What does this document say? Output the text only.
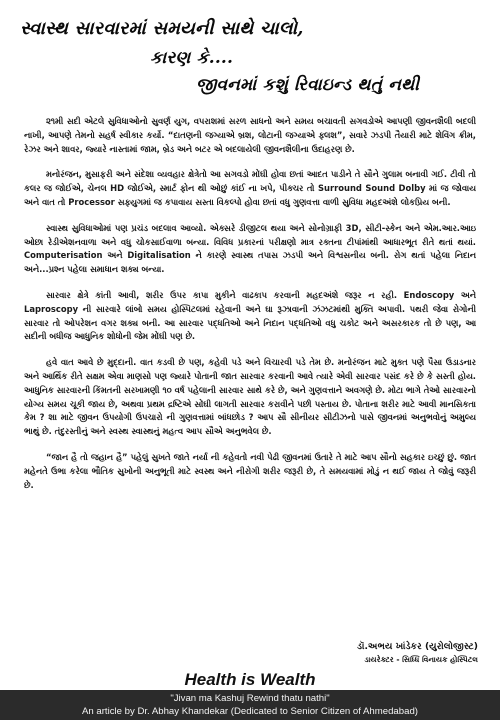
સ્વાસ્થ સારવારમાં સમયની સાથે ચાલો,
કારણ કે....
જીવનમાં કશું રિવાઇન્ડ થતું નથી

૨૧મી સદી એટલે સુવિધાઓનો સુવર્ણ યુગ, વપરાશમાં સરળ સાધનો અને સમય બચાવતી સગવડોએ આપણી જીવનશૈલી બદલી નાખી, આપણે તેમનો સહર્ષ સ્વીકાર કર્યો. “દાતણની જગ્યાએ બ્રશ, લોટાની જગ્યાએ ફ્લશ”, સવારે ઝડપી તૈયારી માટે શેવિંગ ક્રીમ, રેઝર અને શાવર, જ્યારે નાસ્તામાં જામ, બ્રેડ અને બટર એ બદલાયેલી જીવનશૈલીના ઉદાહરણ છે.

મનોરંજન, મુસાફરી અને સંદેશા વ્યવહાર ક્ષેત્રેતો આ સગવડો મોંઘી હોવા છતાં આદત પાડીને તે સૌને ગુલામ બનાવી ગઈ. ટીવી તો કલર જ જોઈએ, ચેનલ HD જોઈએ, સ્માર્ટ ફોન થી ઓછું કાંઈ ના ખપે, પીક્ચર તો Surround Sound Dolby માં જ જોવાય અને વાત તો Processor સફ્યુગમાં જ કપાવાય સસ્તા વિકલ્પો હોવા છતાં વધુ ગુણવત્તા વાળી સુવિધા મહદઅંશે લોકપ્રિય બની.

સ્વાસ્થ સુવિધાઓમાં પણ પ્રચંડ બદલાવ આવ્યો. એક્સરે ડીજીટલ થયા અને સોનોગ્રાફી 3D, સીટી-સ્કેન અને એમ.આર.આઇ ઓછા રેડીએશનવાળા અને વધુ ચોકસાઈવાળા બન્યા. વિવિધ પ્રકારનાં પરીક્ષણો માત્ર રક્તના ટીપાંમાંથી આધારભૂત રીતે થતાં થયાં. Computerisation અને Digitalisation ને કારણે સ્વાસ્થ તપાસ ઝડપી અને વિશ્વસનીય બની. રોગ થતાં પહેલા નિદાન અને...પ્રશ્ન પહેલા સમાધાન શક્ય બન્યા.

સારવાર ક્ષેત્રે કાંતી આવી, શરીર ઉપર કાપા મુકીને વાઢકાપ કરવાની મહદઅંશે જરૂર ન રહી. Endoscopy અને Laproscopy ની સારવારે લાંબો સમય હોસ્પિટલમાં રહેવાની અને ઘા રૂઝાવાની ઝંઝટમાંથી મુક્તિ અપાવી. પથરી જેવા રોગોની સારવાર તો ઓપરેશન વગર શક્ય બની. આ સારવાર પદ્ધતિઓ અને નિદાન પદ્ધતિઓ વધુ ચકોટ અને અસરકારક તો છે પણ, આ સદીની બધીજ આધુનિક શોધોની જેમ મોંઘી પણ છે.

હવે વાત આવે છે મુદ્દાની. વાત કડવી છે પણ, કહેવી પડે અને વિચારવી પડે તેમ છે. મનોરંજન માટે મુક્ત પણે પૈસા ઉડાડનાર અને આર્થિક રીતે સક્ષમ એવા માણસો પણ જ્યારે પોતાની જાત સારવાર કરવાની આવે ત્યારે એવી સારવાર પસંદ કરે છે કે સસ્તી હોય. આધુનિક સારવારની કિંમતની સરખામણી ૧૦ વર્ષ પહેલાની સારવાર સાથે કરે છે, અને ગુણવત્તાને અવગણે છે. મોટા ભાગે તેઓ સારવારનો યોગ્ય સમય ચૂકી જાય છે, અથવા પ્રથમ દ્રષ્ટિએ સોંઘી લાગતી સારવાર કરાવીને પછી પસ્તાય છે. પોતાના શરીર માટે આવી માનસિકતા કેમ ? શા માટે જીવન ઉપયોગી ઉપચારો ની ગુણવત્તામાં બાંધછોડ ? આપ સૌ સીનીયર સીટીઝનો પાસે જીવનમાં અનુભવોનું અમુલ્ય ભાથું છે. તંદુરસ્તીનું અને સ્વસ્થ સ્વાસ્થનું મહત્વ આપ સૌએ અનુભવેલ છે.

“જાન હૈ તો જહાન હૈ” પહેલું સુખતે જાતે નર્યા ની કહેવતો નવી પેઢી જીવનમાં ઉતારે તે માટે આપ સૌનો સહકાર ઇચ્છું છું. જાત મહેનતે ઉભા કરેલા ભૌતિક સુખોની અનુભૂતી માટે સ્વસ્થ અને નીરોગી શરીર જરૂરી છે, તે સમયવામાં મોડું ન થઈ જાય તે જોવું જરૂરી છે.

ડૉ.અભય ખાંડેકર (યુરોલોજીસ્ટ)
ડાયરેક્ટર - સિધ્ધિ વિનાયક હોસ્પિટલ
Health is Wealth
"Jivan ma Kashuj Rewind thatu nathi"
An article by Dr. Abhay Khandekar (Dedicated to Senior Citizen of Ahmedabad)
